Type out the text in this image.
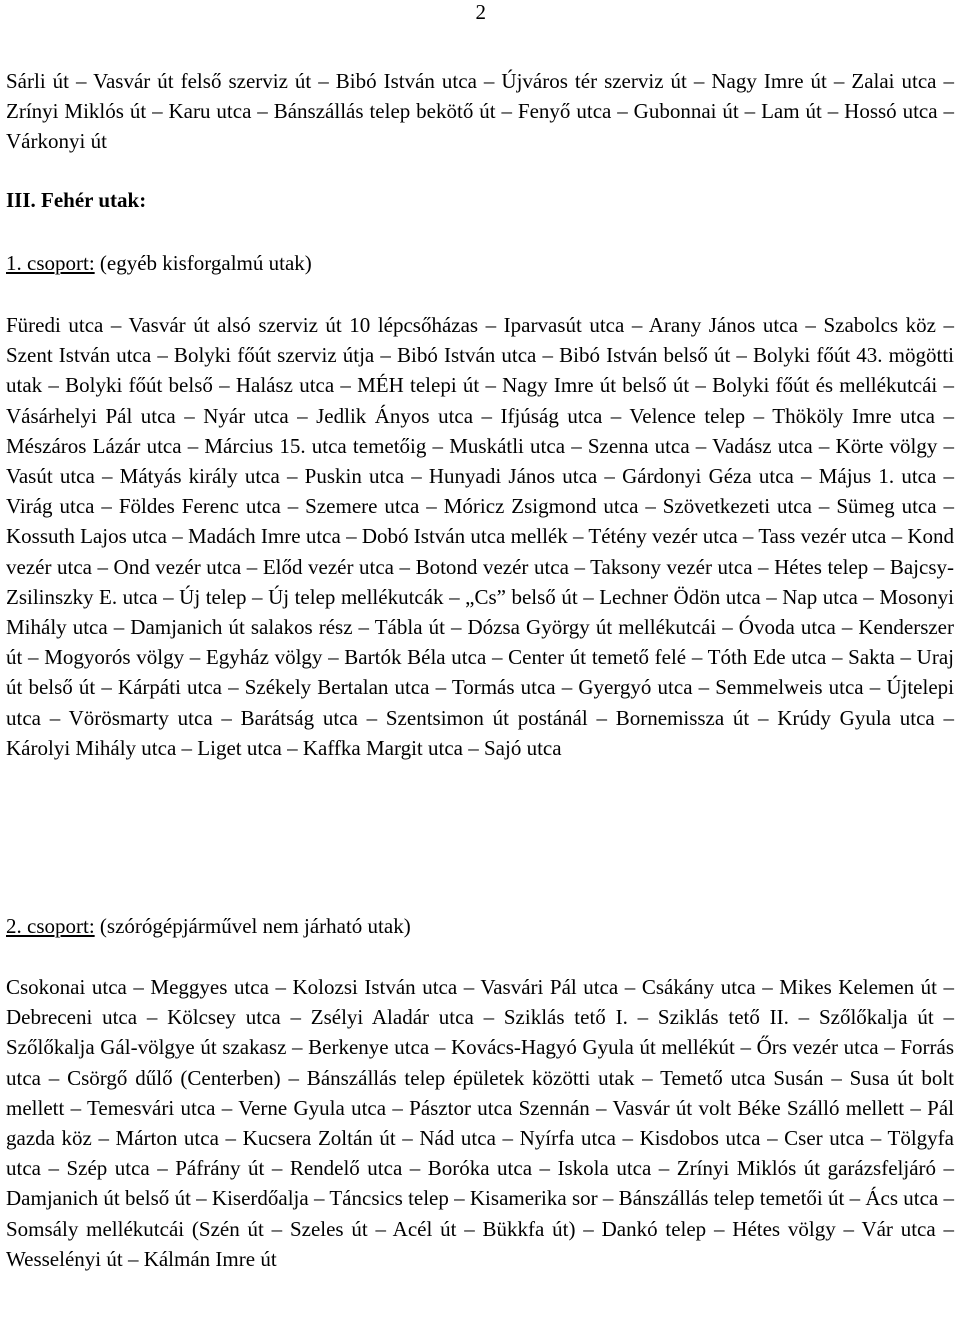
2

Sárli út – Vasvár út felső szerviz út – Bibó István utca – Újváros tér szerviz út – Nagy Imre út – Zalai utca – Zrínyi Miklós út – Karu utca – Bánszállás telep bekötő út – Fenyő utca – Gubonnai út – Lam út – Hossó utca – Várkonyi út

III. Fehér utak:

1. csoport: (egyéb kisforgalmú utak)

Füredi utca – Vasvár út alsó szerviz út 10 lépcsőházas – Iparvasút utca – Arany János utca – Szabolcs köz – Szent István utca – Bolyki főút szerviz útja – Bibó István utca – Bibó István belső út – Bolyki főút 43. mögötti utak – Bolyki főút belső – Halász utca – MÉH telepi út – Nagy Imre út belső út – Bolyki főút és mellékutcái – Vásárhelyi Pál utca – Nyár utca – Jedlik Ányos utca – Ifjúság utca – Velence telep – Thököly Imre utca – Mészáros Lázár utca – Március 15. utca temetőig – Muskátli utca – Szenna utca – Vadász utca – Körte völgy – Vasút utca – Mátyás király utca – Puskin utca – Hunyadi János utca – Gárdonyi Géza utca – Május 1. utca – Virág utca – Földes Ferenc utca – Szemere utca – Móricz Zsigmond utca – Szövetkezeti utca – Sümeg utca – Kossuth Lajos utca – Madách Imre utca – Dobó István utca mellék – Tétény vezér utca – Tass vezér utca – Kond vezér utca – Ond vezér utca – Előd vezér utca – Botond vezér utca – Taksony vezér utca – Hétes telep – Bajcsy-Zsilinszky E. utca – Új telep – Új telep mellékutcák – „Cs” belső út – Lechner Ödön utca – Nap utca – Mosonyi Mihály utca – Damjanich út salakos rész – Tábla út – Dózsa György út mellékutcái – Óvoda utca – Kenderszer út – Mogyorós völgy – Egyház völgy – Bartók Béla utca – Center út temető felé – Tóth Ede utca – Sakta – Uraj út belső út – Kárpáti utca – Székely Bertalan utca – Tormás utca – Gyergyó utca – Semmelweis utca – Újtelepi utca – Vörösmarty utca – Barátság utca – Szentsimon út postánál – Bornemissza út – Krúdy Gyula utca – Károlyi Mihály utca – Liget utca – Kaffka Margit utca – Sajó utca

2. csoport: (szórógépjárművel nem járható utak)

Csokonai utca – Meggyes utca – Kolozsi István utca – Vasvári Pál utca – Csákány utca – Mikes Kelemen út – Debreceni utca – Kölcsey utca – Zsélyi Aladár utca – Sziklás tető I. – Sziklás tető II. – Szőlőkalja út – Szőlőkalja Gál-völgye út szakasz – Berkenye utca – Kovács-Hagyó Gyula út mellékút – Őrs vezér utca – Forrás utca – Csörgő dűlő (Centerben) – Bánszállás telep épületek közötti utak – Temető utca Susán – Susa út bolt mellett – Temesvári utca – Verne Gyula utca – Pásztor utca Szennán – Vasvár út volt Béke Szálló mellett – Pál gazda köz – Márton utca – Kucsera Zoltán út – Nád utca – Nyírfa utca – Kisdobos utca – Cser utca – Tölgyfa utca – Szép utca – Páfrány út – Rendelő utca – Boróka utca – Iskola utca – Zrínyi Miklós út garázsfeljáró – Damjanich út belső út – Kiserdőalja – Táncsics telep – Kisamerika sor – Bánszállás telep temetői út – Ács utca – Somsály mellékutcái (Szén út – Szeles út – Acél út – Bükkfa út) – Dankó telep – Hétes völgy – Vár utca – Wesselényi út – Kálmán Imre út
